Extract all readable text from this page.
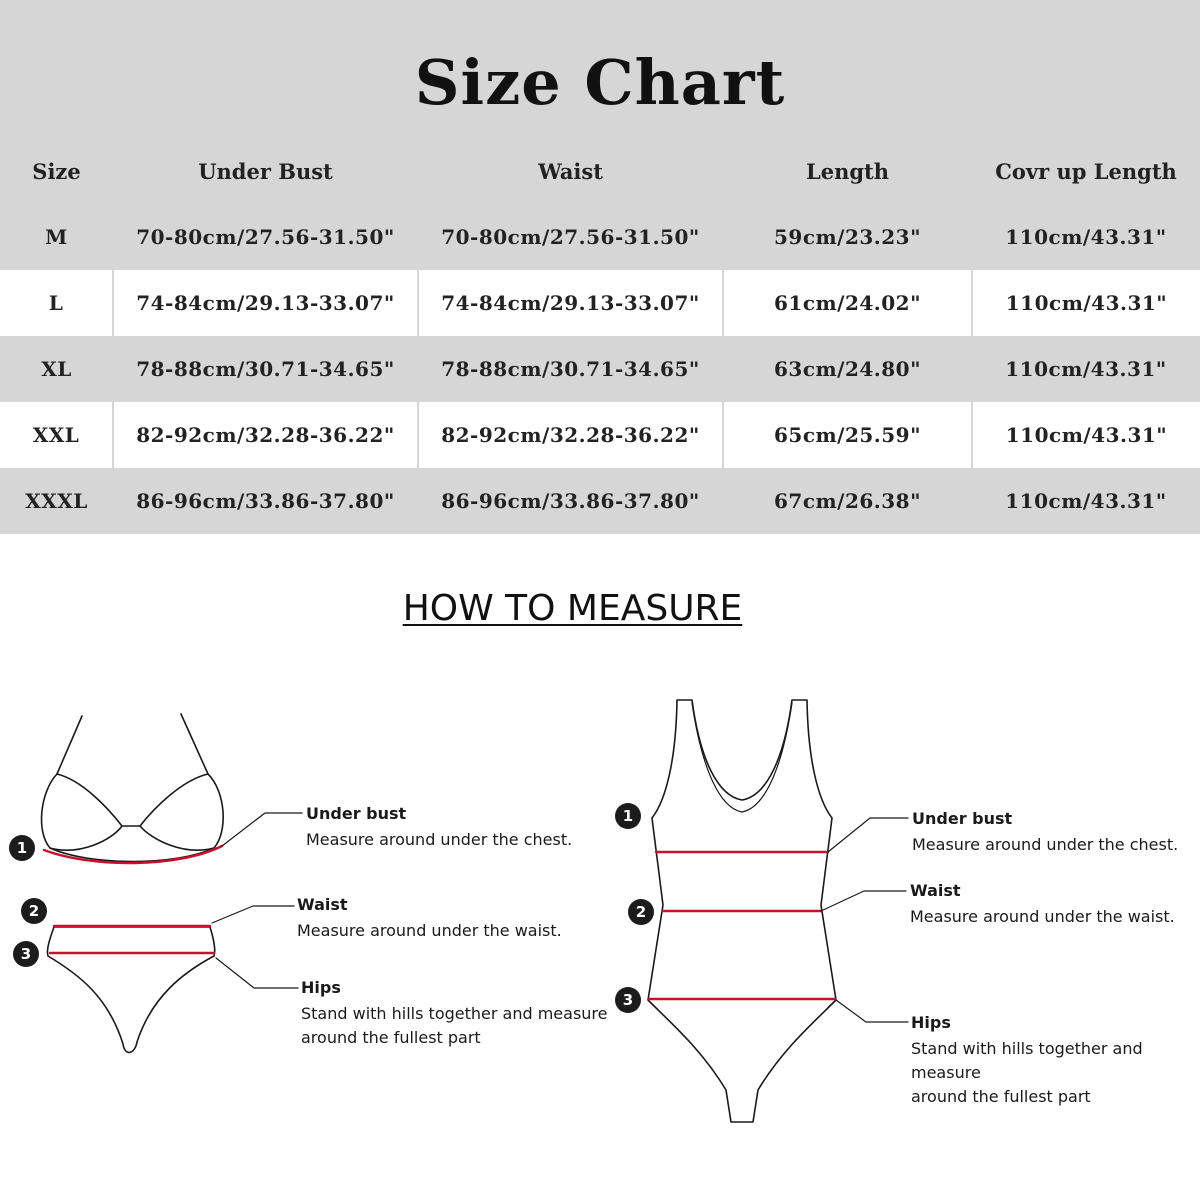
Size Chart
Size	Under Bust	Waist	Length	Covr up Length
M	70-80cm/27.56-31.50"	70-80cm/27.56-31.50"	59cm/23.23"	110cm/43.31"
L	74-84cm/29.13-33.07"	74-84cm/29.13-33.07"	61cm/24.02"	110cm/43.31"
XL	78-88cm/30.71-34.65"	78-88cm/30.71-34.65"	63cm/24.80"	110cm/43.31"
XXL	82-92cm/32.28-36.22"	82-92cm/32.28-36.22"	65cm/25.59"	110cm/43.31"
XXXL	86-96cm/33.86-37.80"	86-96cm/33.86-37.80"	67cm/26.38"	110cm/43.31"
HOW TO MEASURE
1
2
3
1
2
3
Under bust
Measure around under the chest.
Waist
Measure around under the waist.
Hips
Stand with hills together and measure
around the fullest part
Under bust
Measure around under the chest.
Waist
Measure around under the waist.
Hips
Stand with hills together and measure
around the fullest part
